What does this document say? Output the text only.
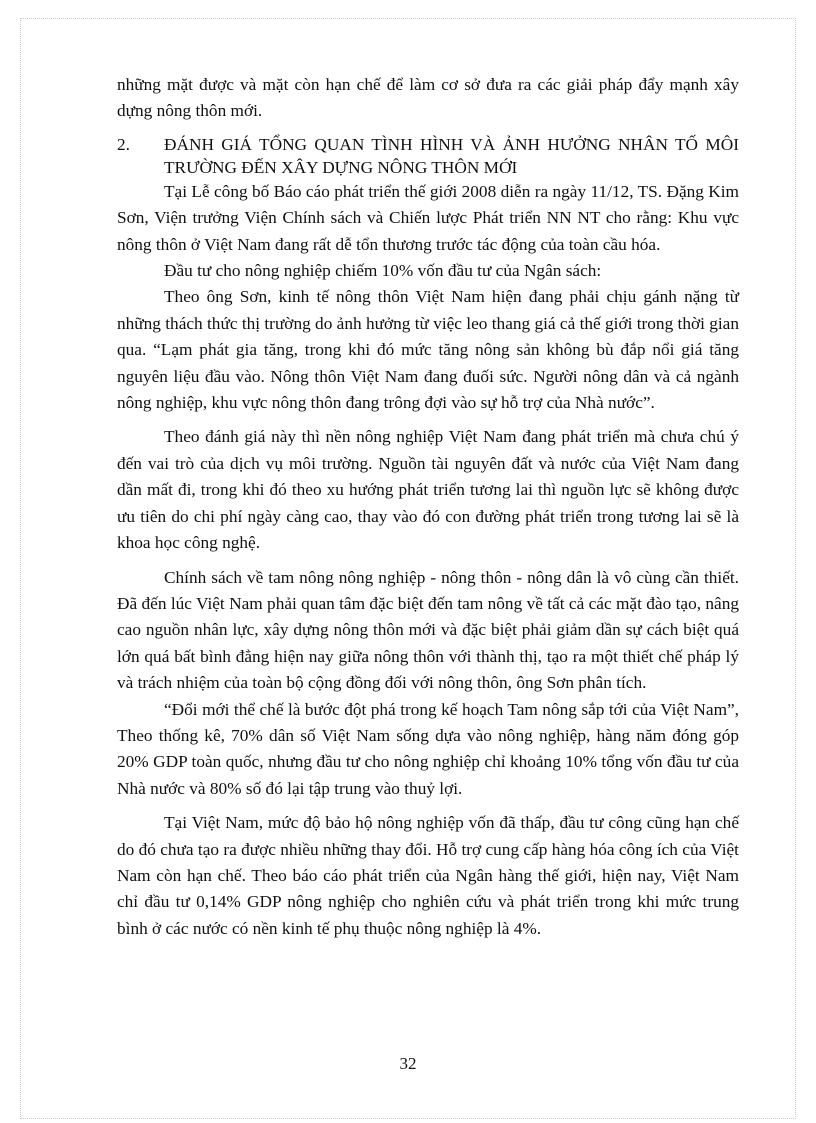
những mặt được và mặt còn hạn chế để làm cơ sở đưa ra các giải pháp đẩy mạnh xây dựng nông thôn mới.

2.	ĐÁNH GIÁ TỔNG QUAN TÌNH HÌNH VÀ ẢNH HƯỞNG NHÂN TỐ MÔI TRƯỜNG ĐẾN XÂY DỰNG NÔNG THÔN MỚI

Tại Lễ công bố Báo cáo phát triển thế giới 2008 diễn ra ngày 11/12, TS. Đặng Kim Sơn, Viện trưởng Viện Chính sách và Chiến lược Phát triển NN NT cho rằng: Khu vực nông thôn ở Việt Nam đang rất dễ tổn thương trước tác động của toàn cầu hóa.

Đầu tư cho nông nghiệp chiếm 10% vốn đầu tư của Ngân sách:

Theo ông Sơn, kinh tế nông thôn Việt Nam hiện đang phải chịu gánh nặng từ những thách thức thị trường do ảnh hưởng từ việc leo thang giá cả thế giới trong thời gian qua. “Lạm phát gia tăng, trong khi đó mức tăng nông sản không bù đắp nổi giá tăng nguyên liệu đầu vào. Nông thôn Việt Nam đang đuối sức. Người nông dân và cả ngành nông nghiệp, khu vực nông thôn đang trông đợi vào sự hỗ trợ của Nhà nước”.

Theo đánh giá này thì nền nông nghiệp Việt Nam đang phát triển mà chưa chú ý đến vai trò của dịch vụ môi trường. Nguồn tài nguyên đất và nước của Việt Nam đang dần mất đi, trong khi đó theo xu hướng phát triển tương lai thì nguồn lực sẽ không được ưu tiên do chi phí ngày càng cao, thay vào đó con đường phát triển trong tương lai sẽ là khoa học công nghệ.

Chính sách về tam nông nông nghiệp - nông thôn - nông dân là vô cùng cần thiết. Đã đến lúc Việt Nam phải quan tâm đặc biệt đến tam nông về tất cả các mặt đào tạo, nâng cao nguồn nhân lực, xây dựng nông thôn mới và đặc biệt phải giảm dần sự cách biệt quá lớn quá bất bình đẳng hiện nay giữa nông thôn với thành thị, tạo ra một thiết chế pháp lý và trách nhiệm của toàn bộ cộng đồng đối với nông thôn, ông Sơn phân tích.

“Đổi mới thể chế là bước đột phá trong kế hoạch Tam nông sắp tới của Việt Nam”, Theo thống kê, 70% dân số Việt Nam sống dựa vào nông nghiệp, hàng năm đóng góp 20% GDP toàn quốc, nhưng đầu tư cho nông nghiệp chỉ khoảng 10% tổng vốn đầu tư của Nhà nước và 80% số đó lại tập trung vào thuỷ lợi.

Tại Việt Nam, mức độ bảo hộ nông nghiệp vốn đã thấp, đầu tư công cũng hạn chế do đó chưa tạo ra được nhiều những thay đổi. Hỗ trợ cung cấp hàng hóa công ích của Việt Nam còn hạn chế. Theo báo cáo phát triển của Ngân hàng thế giới, hiện nay, Việt Nam chỉ đầu tư 0,14% GDP nông nghiệp cho nghiên cứu và phát triển trong khi mức trung bình ở các nước có nền kinh tế phụ thuộc nông nghiệp là 4%.

32
